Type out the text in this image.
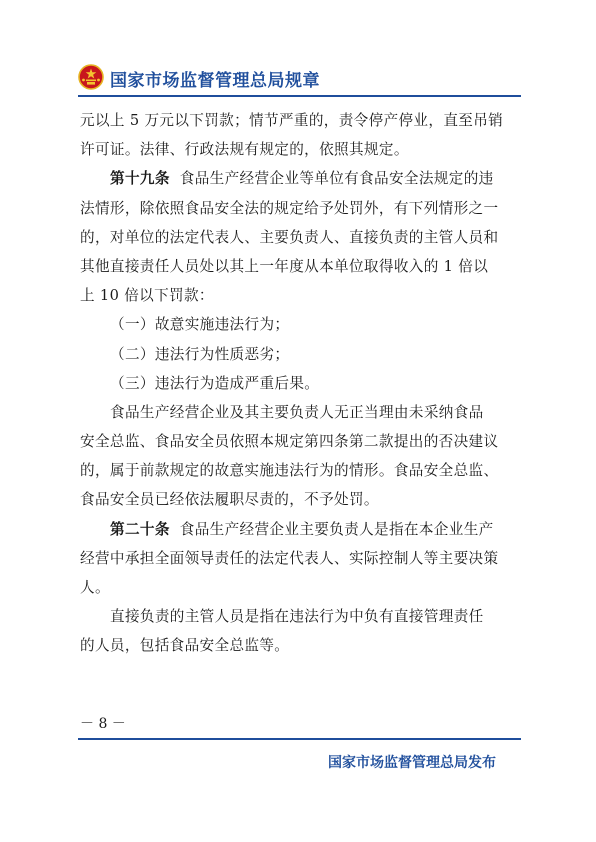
国家市场监督管理总局规章
元以上 5 万元以下罚款；情节严重的，责令停产停业，直至吊销
许可证。法律、行政法规有规定的，依照其规定。
第十九条 食品生产经营企业等单位有食品安全法规定的违
法情形，除依照食品安全法的规定给予处罚外，有下列情形之一
的，对单位的法定代表人、主要负责人、直接负责的主管人员和
其他直接责任人员处以其上一年度从本单位取得收入的 1 倍以
上 10 倍以下罚款：
（一）故意实施违法行为；
（二）违法行为性质恶劣；
（三）违法行为造成严重后果。
食品生产经营企业及其主要负责人无正当理由未采纳食品
安全总监、食品安全员依照本规定第四条第二款提出的否决建议
的，属于前款规定的故意实施违法行为的情形。食品安全总监、
食品安全员已经依法履职尽责的，不予处罚。
第二十条 食品生产经营企业主要负责人是指在本企业生产
经营中承担全面领导责任的法定代表人、实际控制人等主要决策
人。
直接负责的主管人员是指在违法行为中负有直接管理责任
的人员，包括食品安全总监等。
－ 8 －
国家市场监督管理总局发布
